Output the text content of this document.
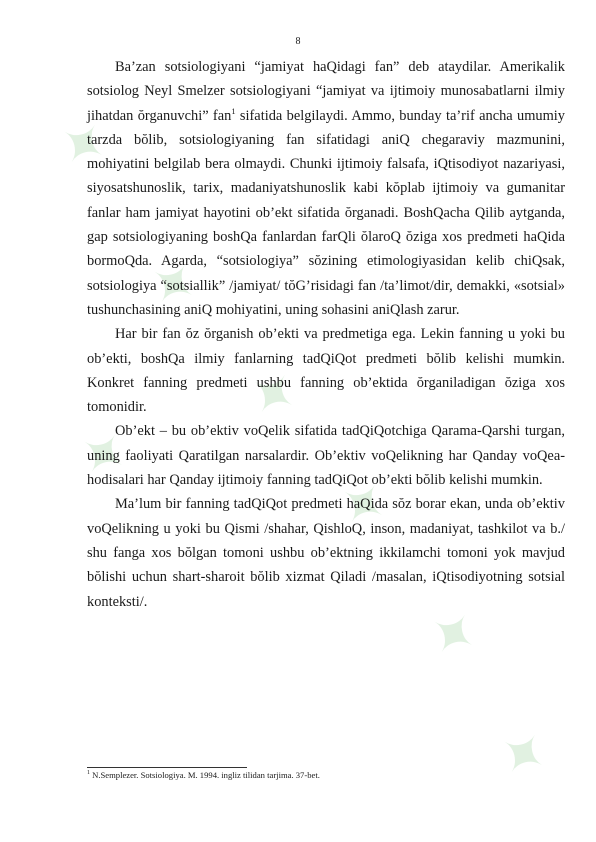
✦
✦
✦
✦
✦
✦
✦
8

Ba’zan sotsiologiyani “jamiyat haQidagi fan” deb ataydilar. Amerikalik sotsiolog Neyl Smelzer sotsiologiyani “jamiyat va ijtimoiy munosabatlarni ilmiy jihatdan ŏrganuvchi” fan$^1$ sifatida belgilaydi. Ammo, bunday ta’rif ancha umumiy tarzda bŏlib, sotsiologiyaning fan sifatidagi aniQ chegaraviy mazmunini, mohiyatini belgilab bera olmaydi. Chunki ijtimoiy falsafa, iQtisodiyot nazariyasi, siyosatshunoslik, tarix, madaniyatshunoslik kabi kŏplab ijtimoiy va gumanitar fanlar ham jamiyat hayotini ob’ekt sifatida ŏrganadi. BoshQacha Qilib aytganda, gap sotsiologiyaning boshQa fanlardan farQli ŏlaroQ ŏziga xos predmeti haQida bormoQda. Agarda, “sotsiologiya” sŏzining etimologiyasidan kelib chiQsak, sotsiologiya “sotsiallik” /jamiyat/ tŏG’risidagi fan /ta’limot/dir, demakki, «sotsial» tushunchasining aniQ mohiyatini, uning sohasini aniQlash zarur.

Har bir fan ŏz ŏrganish ob’ekti va predmetiga ega. Lekin fanning u yoki bu ob’ekti, boshQa ilmiy fanlarning tadQiQot predmeti bŏlib kelishi mumkin. Konkret fanning predmeti ushbu fanning ob’ektida ŏrganiladigan ŏziga xos tomonidir.

Ob’ekt – bu ob’ektiv voQelik sifatida tadQiQotchiga Qarama-Qarshi turgan, uning faoliyati Qaratilgan narsalardir. Ob’ektiv voQelikning har Qanday voQea-hodisalari har Qanday ijtimoiy fanning tadQiQot ob’ekti bŏlib kelishi mumkin.

Ma’lum bir fanning tadQiQot predmeti haQida sŏz borar ekan, unda ob’ektiv voQelikning u yoki bu Qismi /shahar, QishloQ, inson, madaniyat, tashkilot va b./ shu fanga xos bŏlgan tomoni ushbu ob’ektning ikkilamchi tomoni yok mavjud bŏlishi uchun shart-sharoit bŏlib xizmat Qiladi /masalan, iQtisodiyotning sotsial konteksti/.

$^1$ N.Semplezer. Sotsiologiya. M. 1994. ingliz tilidan tarjima. 37-bet.
